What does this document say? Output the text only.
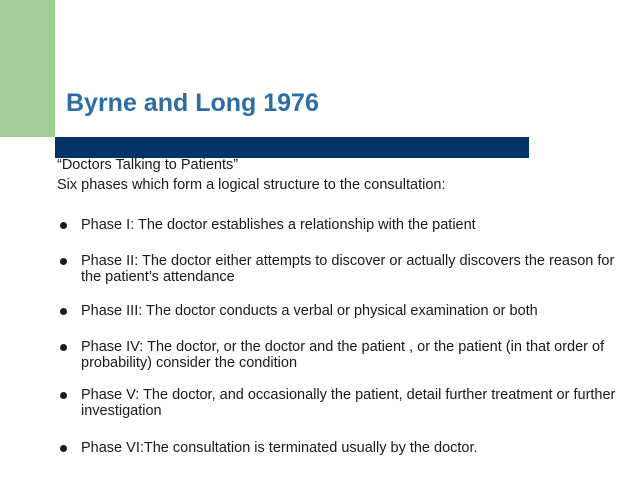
Byrne and Long 1976

“Doctors Talking to Patients”

Six phases which form a logical structure to the consultation:

Phase I: The doctor establishes a relationship with the patient
Phase II: The doctor either attempts to discover or actually discovers the reason for the patient’s attendance
Phase III: The doctor conducts a verbal or physical examination or both
Phase IV: The doctor, or the doctor and the patient , or the patient (in that order of probability) consider the condition
Phase V: The doctor, and occasionally the patient, detail further treatment or further investigation
Phase VI:The consultation is terminated usually by the doctor.
